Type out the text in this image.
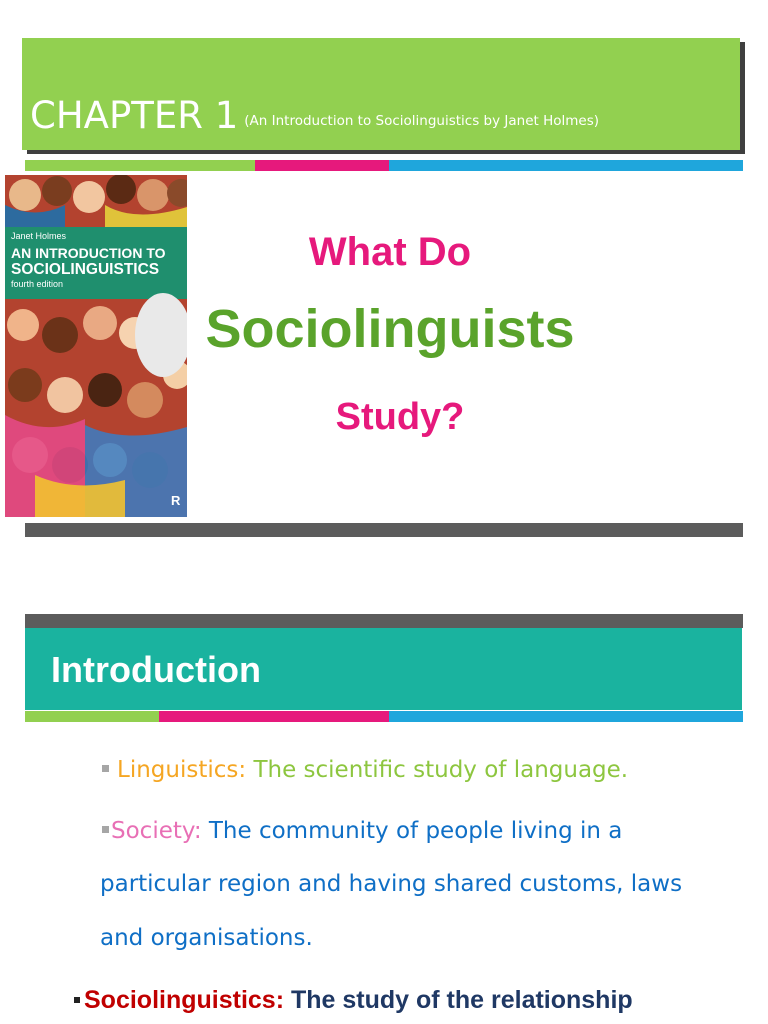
CHAPTER 1 (An Introduction to Sociolinguistics by Janet Holmes)
Janet Holmes
AN INTRODUCTION TO
SOCIOLINGUISTICS
fourth edition
R
What Do
Sociolinguists
Study?
Introduction
Linguistics: The scientific study of language.
Society: The community of people living in a
particular region and having shared customs, laws
and organisations.
Sociolinguistics: The study of the relationship
